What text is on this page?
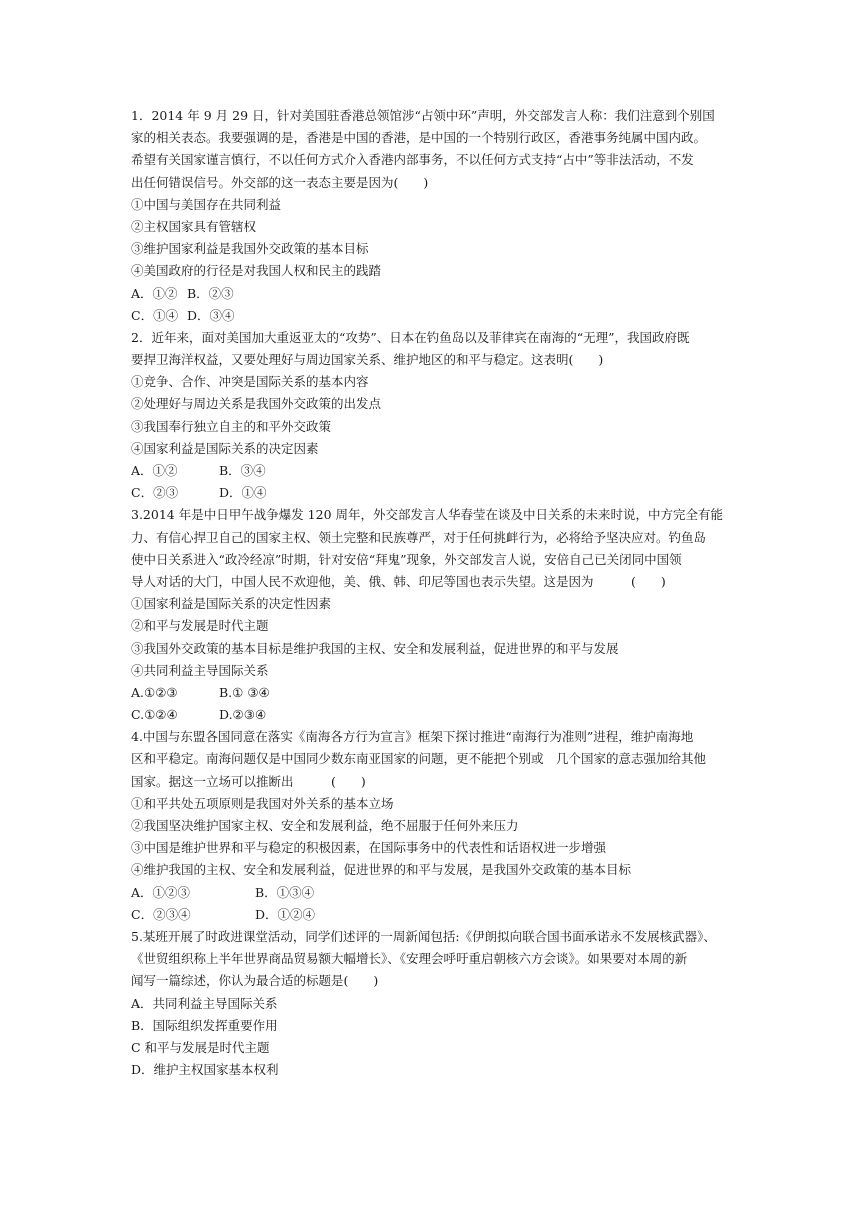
1．2014 年 9 月 29 日，针对美国驻香港总领馆涉“占领中环”声明，外交部发言人称：我们注意到个别国
家的相关表态。我要强调的是，香港是中国的香港，是中国的一个特别行政区，香港事务纯属中国内政。
希望有关国家谨言慎行，不以任何方式介入香港内部事务，不以任何方式支持“占中”等非法活动，不发
出任何错误信号。外交部的这一表态主要是因为(　　)
①中国与美国存在共同利益
②主权国家具有管辖权
③维护国家利益是我国外交政策的基本目标
④美国政府的行径是对我国人权和民主的践踏
A．①② B．②③
C．①④ D．③④
2．近年来，面对美国加大重返亚太的“攻势”、日本在钓鱼岛以及菲律宾在南海的“无理”，我国政府既
要捍卫海洋权益，又要处理好与周边国家关系、维护地区的和平与稳定。这表明(　　)
①竞争、合作、冲突是国际关系的基本内容
②处理好与周边关系是我国外交政策的出发点
③我国奉行独立自主的和平外交政策
④国家利益是国际关系的决定因素
A．①②	B．③④
C．②③	D．①④
3.2014 年是中日甲午战争爆发 120 周年，外交部发言人华春莹在谈及中日关系的未来时说，中方完全有能
力、有信心捍卫自己的国家主权、领土完整和民族尊严，对于任何挑衅行为，必将给予坚决应对。钓鱼岛
使中日关系进入“政冷经凉”时期，针对安倍“拜鬼”现象，外交部发言人说，安倍自己已关闭同中国领
导人对话的大门，中国人民不欢迎他，美、俄、韩、印尼等国也表示失望。这是因为　　　(　　)
①国家利益是国际关系的决定性因素
②和平与发展是时代主题
③我国外交政策的基本目标是维护我国的主权、安全和发展利益，促进世界的和平与发展
④共同利益主导国际关系
A.①②③	B.① ③④
C.①②④	D.②③④
4.中国与东盟各国同意在落实《南海各方行为宣言》框架下探讨推进“南海行为准则”进程，维护南海地
区和平稳定。南海问题仅是中国同少数东南亚国家的问题，更不能把个别或　几个国家的意志强加给其他
国家。据这一立场可以推断出　　　(　　)
①和平共处五项原则是我国对外关系的基本立场
②我国坚决维护国家主权、安全和发展利益，绝不屈服于任何外来压力
③中国是维护世界和平与稳定的积极因素，在国际事务中的代表性和话语权进一步增强
④维护我国的主权、安全和发展利益，促进世界的和平与发展，是我国外交政策的基本目标
A．①②③	B．①③④
C．②③④	D．①②④
5.某班开展了时政进课堂活动，同学们述评的一周新闻包括:《伊朗拟向联合国书面承诺永不发展核武器》、
《世贸组织称上半年世界商品贸易额大幅增长》、《安理会呼吁重启朝核六方会谈》。如果要对本周的新
闻写一篇综述，你认为最合适的标题是(　　)
A．共同利益主导国际关系
B．国际组织发挥重要作用
C 和平与发展是时代主题
D．维护主权国家基本权利
